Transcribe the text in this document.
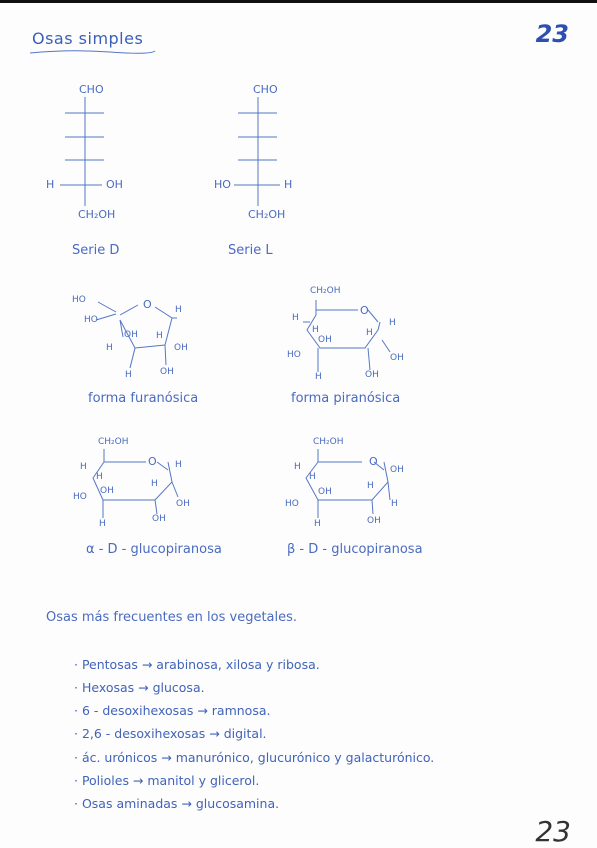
Osas simples	23
23
CHO
H	OH
CH₂OH
Serie D
CHO
HO	H
CH₂OH
Serie L
HO
HO
O	H
OH
H
H
OH
H	OH
forma furanósica
CH₂OH
O
H
H
OH
H
H
HO	OH
H	OH
forma piranósica
CH₂OH
O
H
H
H
OH
H
HO
OH
H	OH
α - D - glucopiranosa
CH₂OH
O
OH
H
H
OH
H
HO	H
H	OH
β - D - glucopiranosa
Osas más frecuentes en los vegetales.
· Pentosas → arabinosa, xilosa y ribosa.
· Hexosas → glucosa.
· 6 - desoxihexosas → ramnosa.
· 2,6 - desoxihexosas → digital.
· ác. urónicos → manurónico, glucurónico y galacturónico.
· Polioles → manitol y glicerol.
· Osas aminadas → glucosamina.
